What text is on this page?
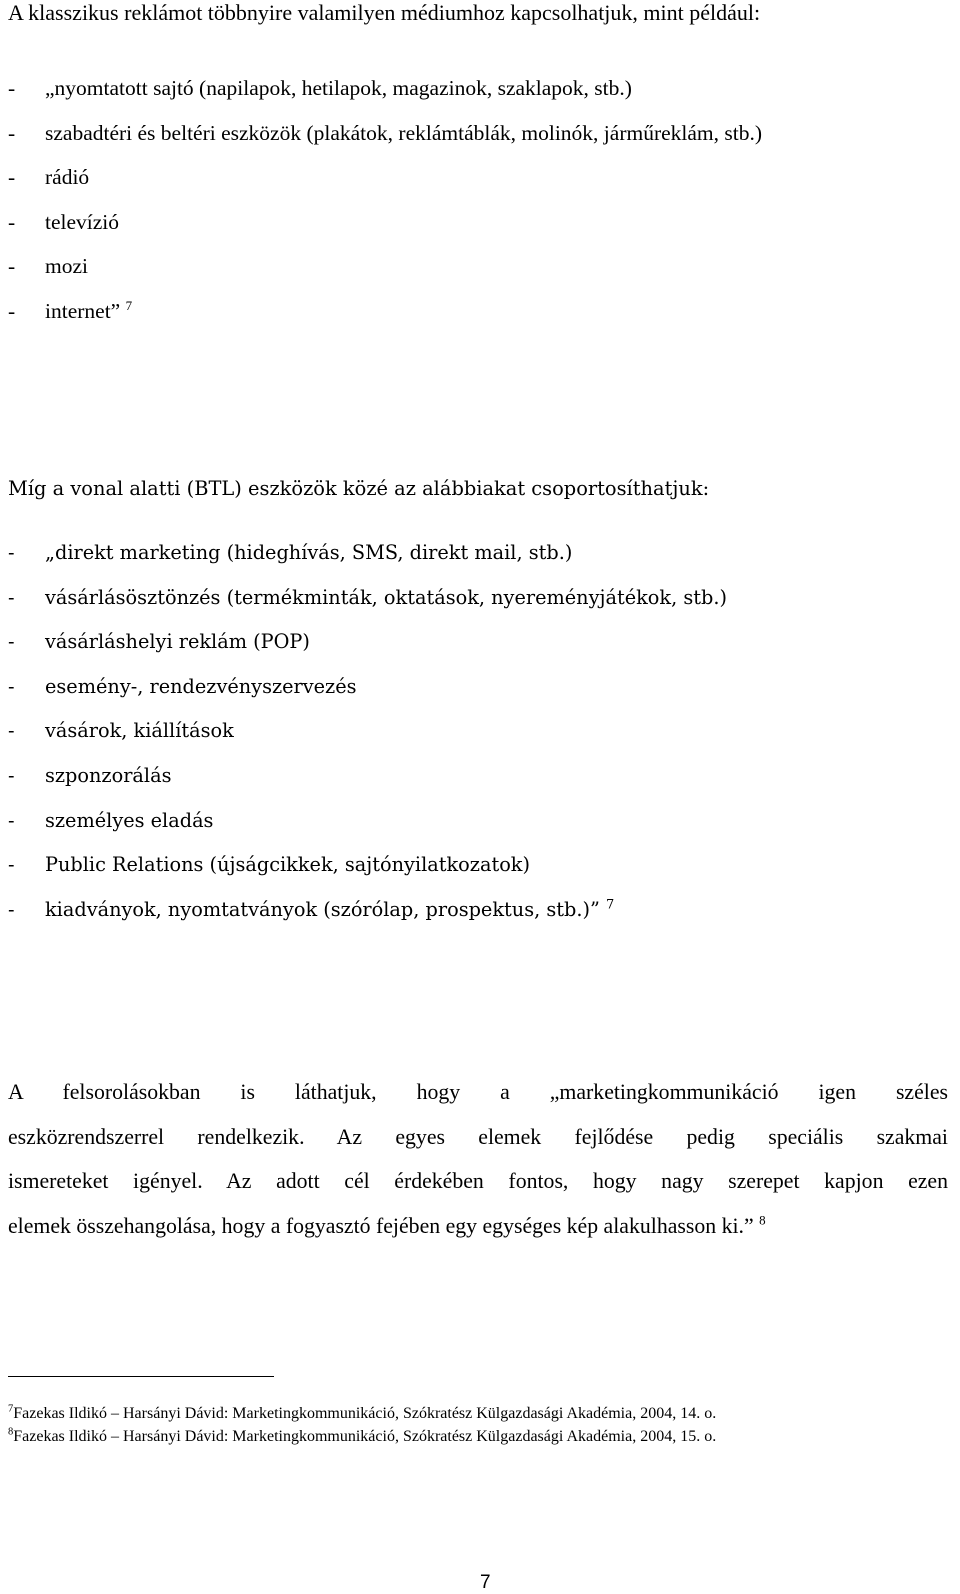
A klasszikus reklámot többnyire valamilyen médiumhoz kapcsolhatjuk, mint például:
- „nyomtatott sajtó (napilapok, hetilapok, magazinok, szaklapok, stb.)
- szabadtéri és beltéri eszközök (plakátok, reklámtáblák, molinók, járműreklám, stb.)
- rádió
- televízió
- mozi
- internet” $^7$
Míg a vonal alatti (BTL) eszközök közé az alábbiakat csoportosíthatjuk:
- „direkt marketing (hideghívás, SMS, direkt mail, stb.)
- vásárlásösztönzés (termékminták, oktatások, nyereményjátékok, stb.)
- vásárláshelyi reklám (POP)
- esemény-, rendezvényszervezés
- vásárok, kiállítások
- szponzorálás
- személyes eladás
- Public Relations (újságcikkek, sajtónyilatkozatok)
- kiadványok, nyomtatványok (szórólap, prospektus, stb.)” $^7$
A felsorolásokban is láthatjuk, hogy a „marketingkommunikáció igen széles
eszközrendszerrel rendelkezik. Az egyes elemek fejlődése pedig speciális szakmai
ismereteket igényel. Az adott cél érdekében fontos, hogy nagy szerepet kapjon ezen
elemek összehangolása, hogy a fogyasztó fejében egy egységes kép alakulhasson ki.” $^8$
$^7$Fazekas Ildikó – Harsányi Dávid: Marketingkommunikáció, Szókratész Külgazdasági Akadémia, 2004, 14. o.
$^8$Fazekas Ildikó – Harsányi Dávid: Marketingkommunikáció, Szókratész Külgazdasági Akadémia, 2004, 15. o.
7
